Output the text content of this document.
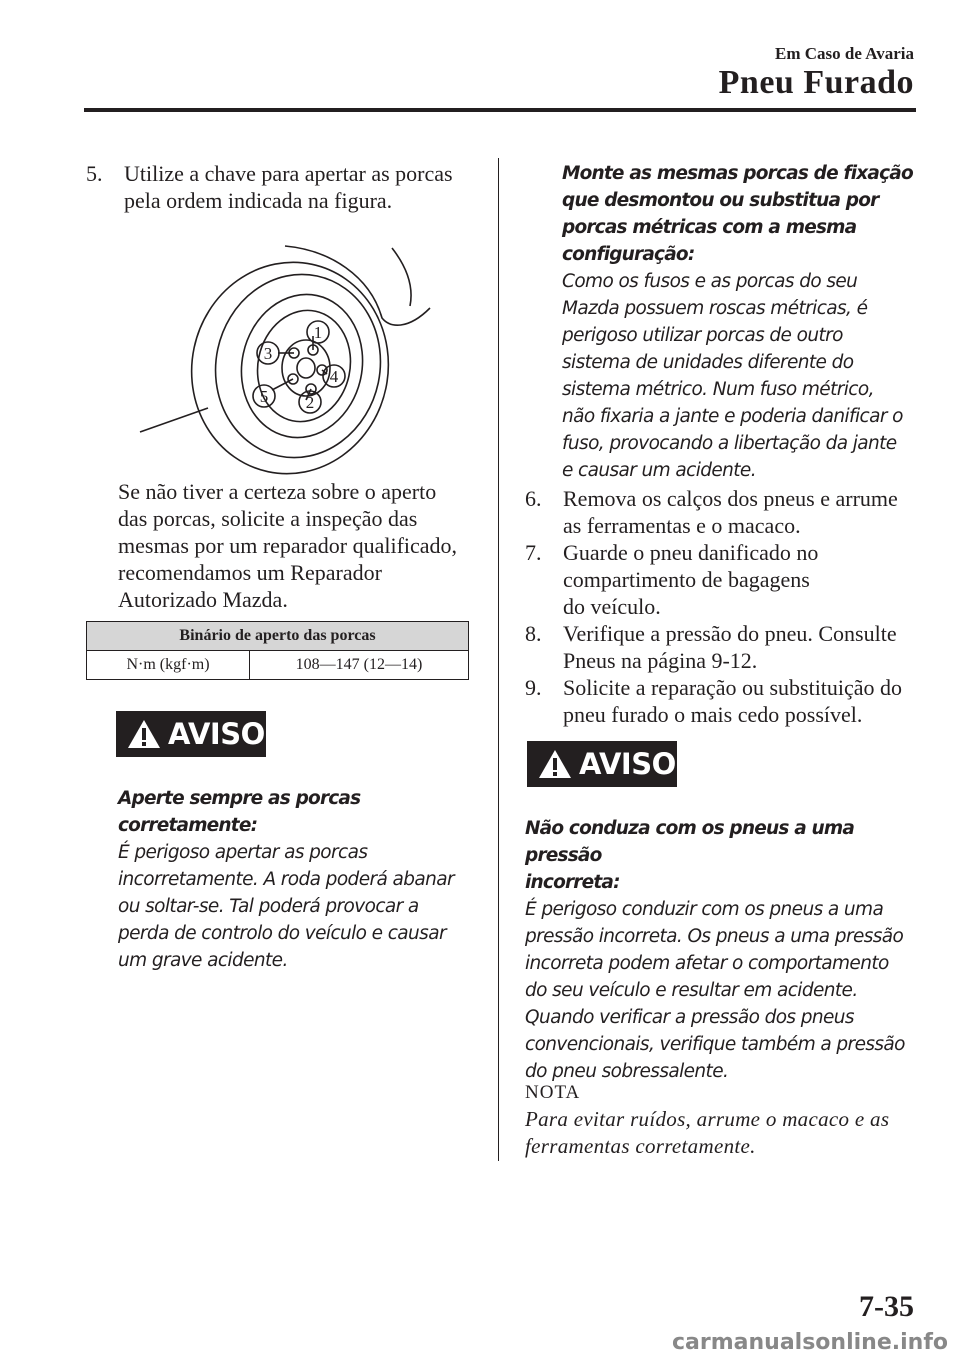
Em Caso de Avaria
Pneu Furado
5. Utilize a chave para apertar as porcas pela ordem indicada na figura.
1
2
3
4
5
Se não tiver a certeza sobre o aperto
das porcas, solicite a inspeção das
mesmas por um reparador qualificado,
recomendamos um Reparador
Autorizado Mazda.
Binário de aperto das porcas
N·m (kgf·m)	108—147 (12—14)
AVISO
Aperte sempre as porcas corretamente:
É perigoso apertar as porcas
incorretamente. A roda poderá abanar
ou soltar-se. Tal poderá provocar a
perda de controlo do veículo e causar
um grave acidente.
Monte as mesmas porcas de fixação
que desmontou ou substitua por
porcas métricas com a mesma
configuração:
Como os fusos e as porcas do seu
Mazda possuem roscas métricas, é
perigoso utilizar porcas de outro
sistema de unidades diferente do
sistema métrico. Num fuso métrico,
não fixaria a jante e poderia danificar o
fuso, provocando a libertação da jante
e causar um acidente.
6. Remova os calços dos pneus e arrume as ferramentas e o macaco.
7. Guarde o pneu danificado no compartimento de bagagens do veículo.
8. Verifique a pressão do pneu. Consulte Pneus na página 9-12.
9. Solicite a reparação ou substituição do pneu furado o mais cedo possível.
AVISO
Não conduza com os pneus a uma pressão
incorreta:
É perigoso conduzir com os pneus a uma
pressão incorreta. Os pneus a uma pressão
incorreta podem afetar o comportamento
do seu veículo e resultar em acidente.
Quando verificar a pressão dos pneus
convencionais, verifique também a pressão
do pneu sobressalente.
NOTA
Para evitar ruídos, arrume o macaco e as
ferramentas corretamente.
7-35
carmanualsonline.info
